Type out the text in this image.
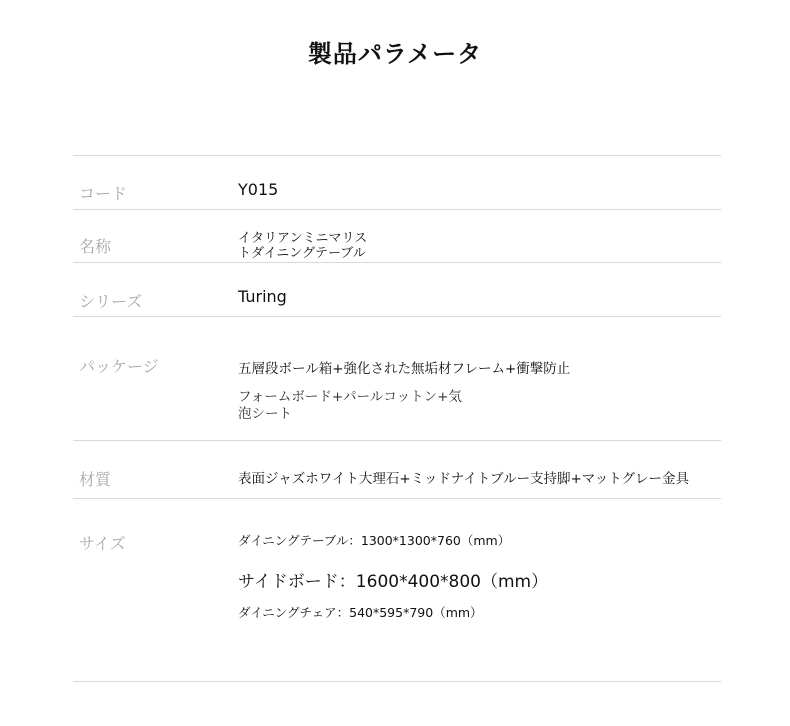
製品パラメータ
コード	Y015
名称	イタリアンミニマリス
トダイニングテーブル
シリーズ	Turing
パッケージ	五層段ボール箱+強化された無垢材フレーム+衝撃防止
フォームボード+パールコットン+気
泡シート
材質	表面ジャズホワイト大理石+ミッドナイトブルー支持脚+マットグレー金具
サイズ	ダイニングテーブル：1300*1300*760（mm）
サイドボード：1600*400*800（mm）
ダイニングチェア：540*595*790（mm）
